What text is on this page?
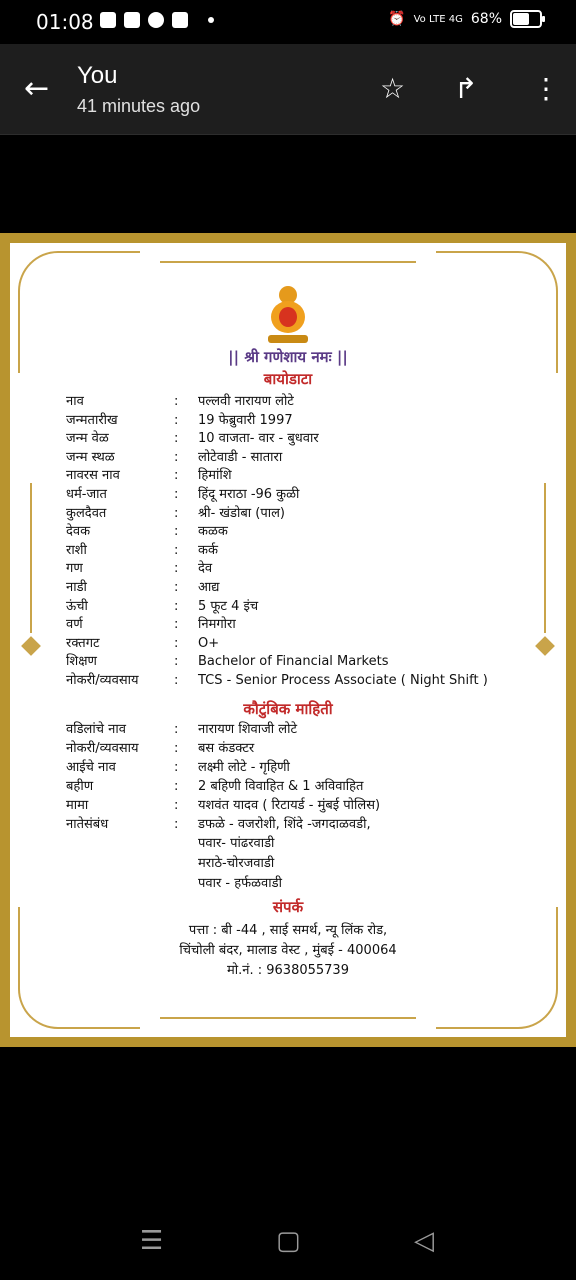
01:08	⏰ Vo LTE 4G 68%
← You
41 minutes ago
☆ ↱ ⋮
|| श्री गणेशाय नमः ||
बायोडाटा
नाव	: पल्लवी नारायण लोटे
जन्मतारीख	: 19 फेब्रुवारी 1997
जन्म वेळ	: 10 वाजता- वार - बुधवार
जन्म स्थळ	: लोटेवाडी - सातारा
नावरस नाव	: हिमांशि
धर्म-जात	: हिंदू मराठा -96 कुळी
कुलदैवत	: श्री- खंडोबा (पाल)
देवक	: कळक
राशी	: कर्क
गण	: देव
नाडी	: आद्य
ऊंची	: 5 फूट 4 इंच
वर्ण	: निमगोरा
रक्तगट	: O+
शिक्षण	: Bachelor of Financial Markets
नोकरी/व्यवसाय	: TCS - Senior Process Associate ( Night Shift )
कौटुंबिक माहिती
वडिलांचे नाव	: नारायण शिवाजी लोटे
नोकरी/व्यवसाय	: बस कंडक्टर
आईचे नाव	: लक्ष्मी लोटे - गृहिणी
बहीण	: 2 बहिणी विवाहित & 1 अविवाहित
मामा	: यशवंत यादव ( रिटायर्ड - मुंबई पोलिस)
नातेसंबंध	: डफळे - वजरोशी, शिंदे -जगदाळवडी,
पवार- पांढरवाडी
मराठे-चोरजवाडी
पवार - हर्फळवाडी
संपर्क
पत्ता : बी -44 , साई समर्थ, न्यू लिंक रोड,
चिंचोली बंदर, मालाड वेस्ट , मुंबई - 400064
मो.नं. : 9638055739
☰	▢	◁
